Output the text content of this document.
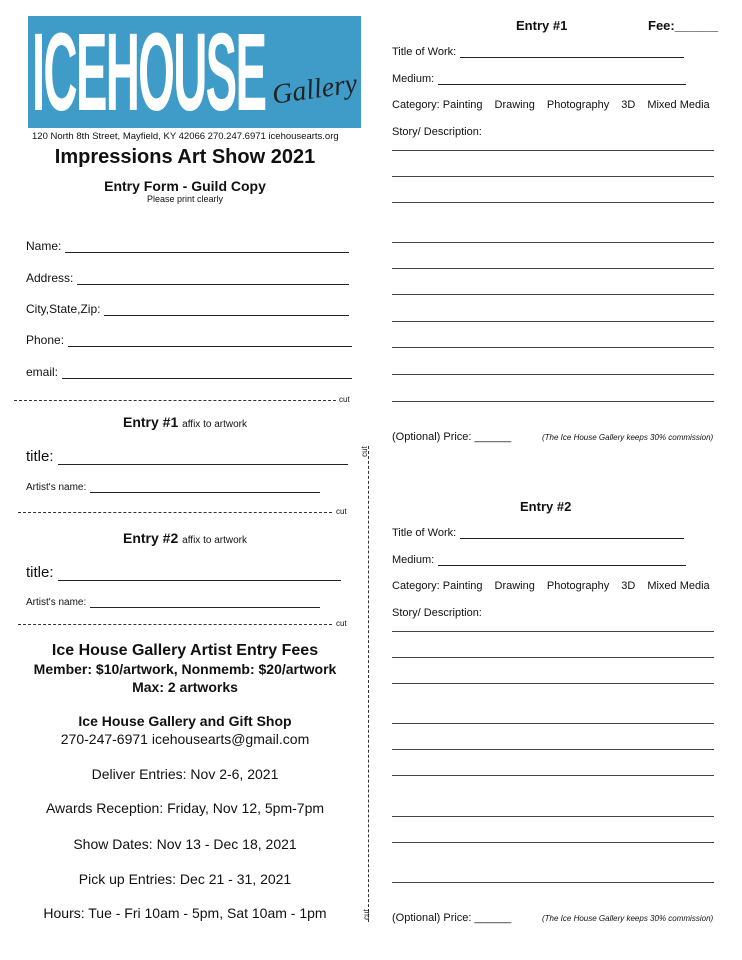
ICEHOUSE Gallery
120 North 8th Street, Mayfield, KY 42066 270.247.6971 icehousearts.org
Impressions Art Show 2021
Entry Form - Guild Copy
Please print clearly
Name:
Address:
City,State,Zip:
Phone:
email:
cut
Entry #1 affix to artwork
title:
Artist's name:
cut
Entry #2 affix to artwork
title:
Artist's name:
cut
Ice House Gallery Artist Entry Fees
Member: $10/artwork, Nonmemb: $20/artwork
Max: 2 artworks
Ice House Gallery and Gift Shop
270-247-6971 icehousearts@gmail.com
Deliver Entries: Nov 2-6, 2021
Awards Reception: Friday, Nov 12, 5pm-7pm
Show Dates: Nov 13 - Dec 18, 2021
Pick up Entries: Dec 21 - 31, 2021
Hours: Tue - Fri 10am - 5pm, Sat 10am - 1pm
cut
cut
Entry #1	Fee:______
Title of Work:
Medium:
Category: Painting Drawing Photography 3D Mixed Media
Story/ Description:
(Optional) Price: ______	(The Ice House Gallery keeps 30% commission)
Entry #2
Title of Work:
Medium:
Category: Painting Drawing Photography 3D Mixed Media
Story/ Description:
(Optional) Price: ______	(The Ice House Gallery keeps 30% commission)
